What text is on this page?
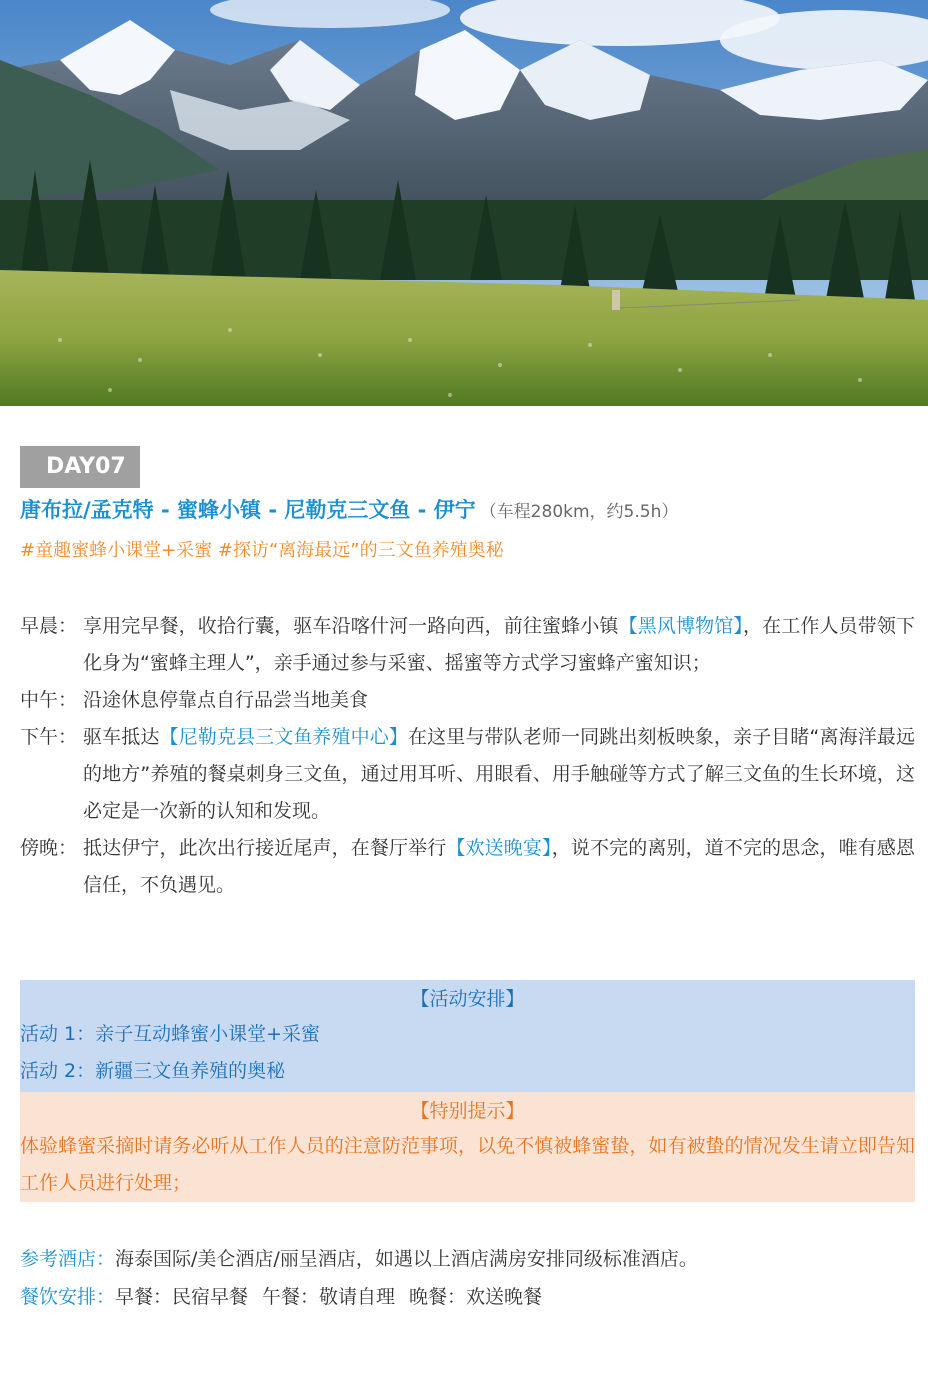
DAY07
唐布拉/孟克特 - 蜜蜂小镇 - 尼勒克三文鱼 - 伊宁 （车程280km，约5.5h）
#童趣蜜蜂小课堂+采蜜 #探访“离海最远”的三文鱼养殖奥秘
早晨： 享用完早餐，收拾行囊，驱车沿喀什河一路向西，前往蜜蜂小镇【黑风博物馆】，在工作人员带领下化身为“蜜蜂主理人”，亲手通过参与采蜜、摇蜜等方式学习蜜蜂产蜜知识；
中午： 沿途休息停靠点自行品尝当地美食
下午： 驱车抵达【尼勒克县三文鱼养殖中心】在这里与带队老师一同跳出刻板映象，亲子目睹“离海洋最远的地方”养殖的餐桌刺身三文鱼，通过用耳听、用眼看、用手触碰等方式了解三文鱼的生长环境，这必定是一次新的认知和发现。
傍晚： 抵达伊宁，此次出行接近尾声，在餐厅举行【欢送晚宴】，说不完的离别，道不完的思念，唯有感恩信任，不负遇见。
【活动安排】
活动 1：亲子互动蜂蜜小课堂+采蜜
活动 2：新疆三文鱼养殖的奥秘
【特别提示】
体验蜂蜜采摘时请务必听从工作人员的注意防范事项，以免不慎被蜂蜜蛰，如有被蛰的情况发生请立即告知工作人员进行处理；
参考酒店：海泰国际/美仑酒店/丽呈酒店，如遇以上酒店满房安排同级标准酒店。
餐饮安排：早餐：民宿早餐 午餐：敬请自理 晚餐：欢送晚餐
